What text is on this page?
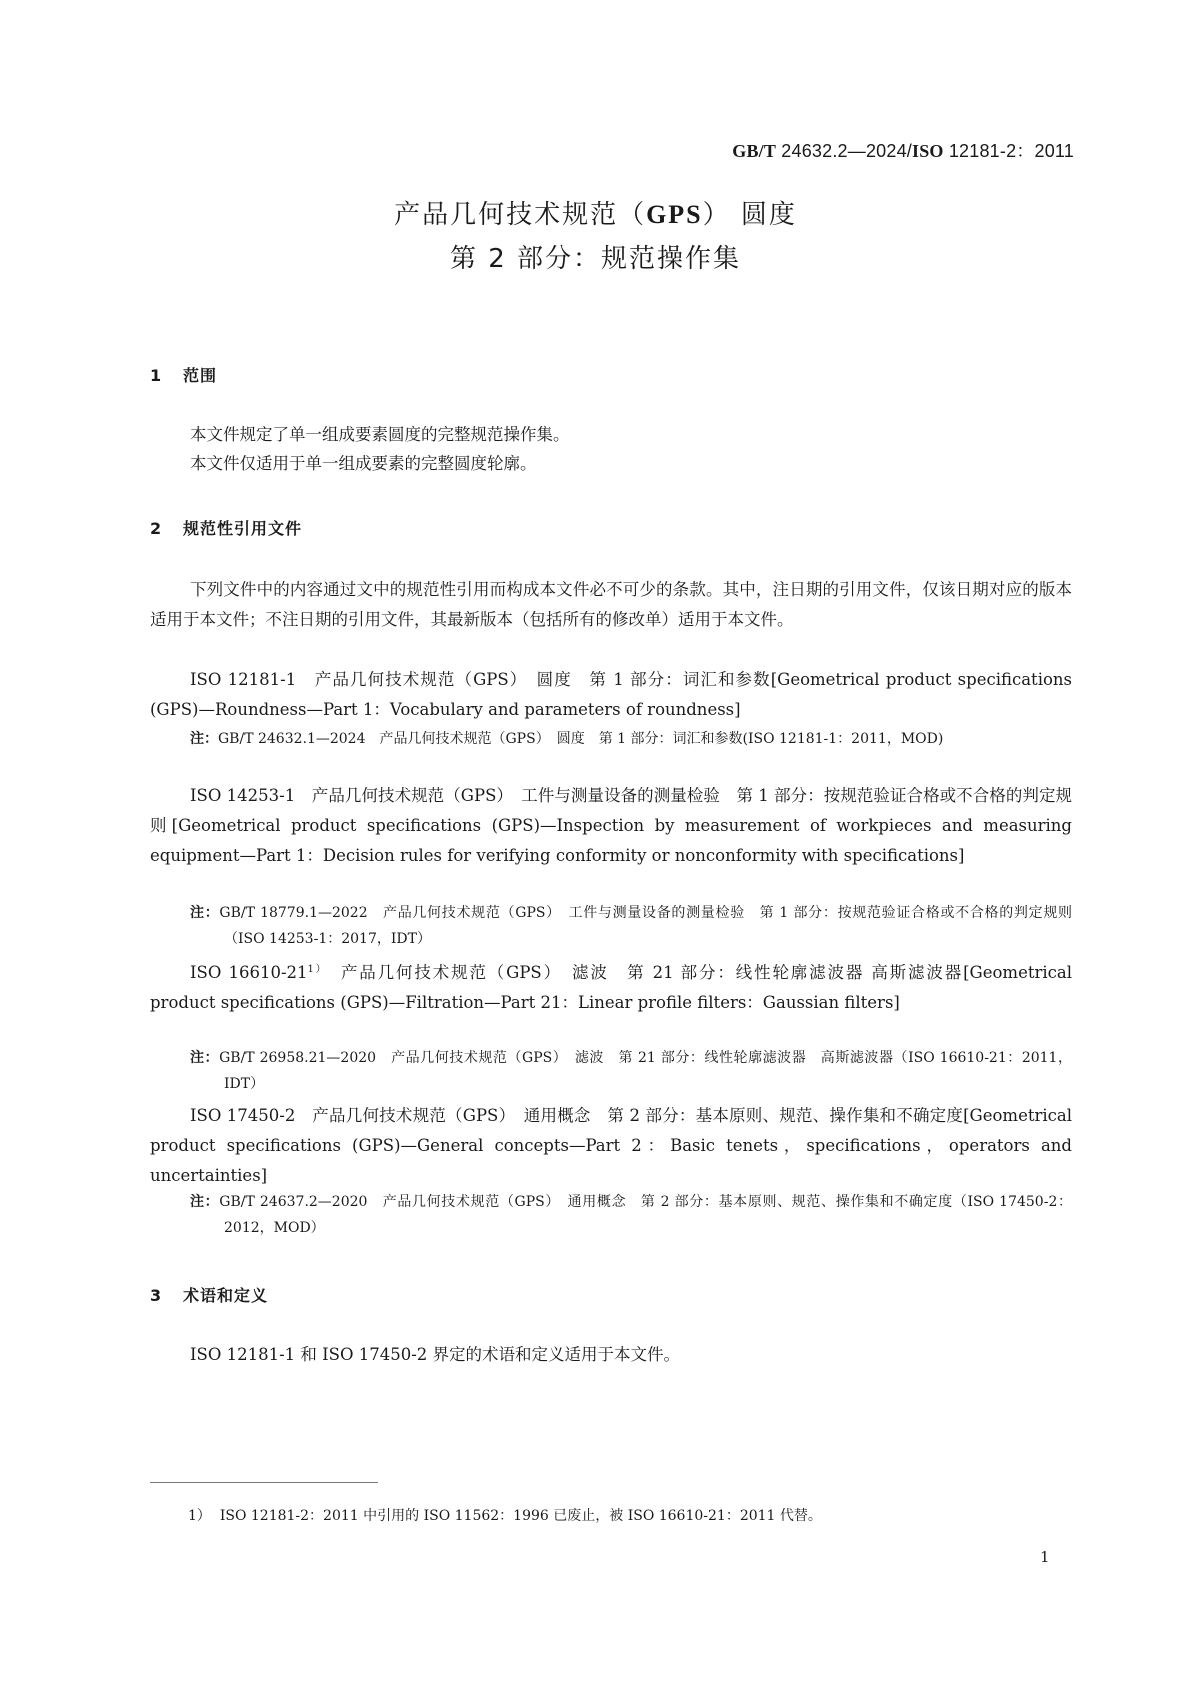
GB/T 24632.2—2024/ISO 12181-2：2011
产品几何技术规范（GPS） 圆度
第 2 部分：规范操作集
1 范围
本文件规定了单一组成要素圆度的完整规范操作集。
本文件仅适用于单一组成要素的完整圆度轮廓。
2 规范性引用文件
下列文件中的内容通过文中的规范性引用而构成本文件必不可少的条款。其中，注日期的引用文件，仅该日期对应的版本适用于本文件；不注日期的引用文件，其最新版本（包括所有的修改单）适用于本文件。
ISO 12181-1　产品几何技术规范（GPS）　圆度　第 1 部分：词汇和参数[Geometrical product specifications (GPS)—Roundness—Part 1：Vocabulary and parameters of roundness]
注：GB/T 24632.1—2024　产品几何技术规范（GPS）　圆度　第 1 部分：词汇和参数(ISO 12181-1：2011，MOD)
ISO 14253-1　产品几何技术规范（GPS）　工件与测量设备的测量检验　第 1 部分：按规范验证合格或不合格的判定规则[Geometrical product specifications (GPS)—Inspection by measurement of workpieces and measuring equipment—Part 1：Decision rules for verifying conformity or nonconformity with specifications]
注：GB/T 18779.1—2022　产品几何技术规范（GPS）　工件与测量设备的测量检验　第 1 部分：按规范验证合格或不合格的判定规则（ISO 14253-1：2017，IDT）
ISO $16610-21^{1)}$　产品几何技术规范（GPS）　滤波　第 21 部分：线性轮廓滤波器 高斯滤波器[Geometrical product specifications (GPS)—Filtration—Part 21：Linear profile filters：Gaussian filters]
注：GB/T 26958.21—2020　产品几何技术规范（GPS）　滤波　第 21 部分：线性轮廓滤波器　高斯滤波器（ISO 16610-21：2011，IDT）
ISO 17450-2　产品几何技术规范（GPS）　通用概念　第 2 部分：基本原则、规范、操作集和不确定度[Geometrical product specifications (GPS)—General concepts—Part 2：Basic tenets，specifications，operators and uncertainties]
注：GB/T 24637.2—2020　产品几何技术规范（GPS）　通用概念　第 2 部分：基本原则、规范、操作集和不确定度（ISO 17450-2：2012，MOD）
3 术语和定义
ISO 12181-1 和 ISO 17450-2 界定的术语和定义适用于本文件。
1） ISO 12181-2：2011 中引用的 ISO 11562：1996 已废止，被 ISO 16610-21：2011 代替。
1
